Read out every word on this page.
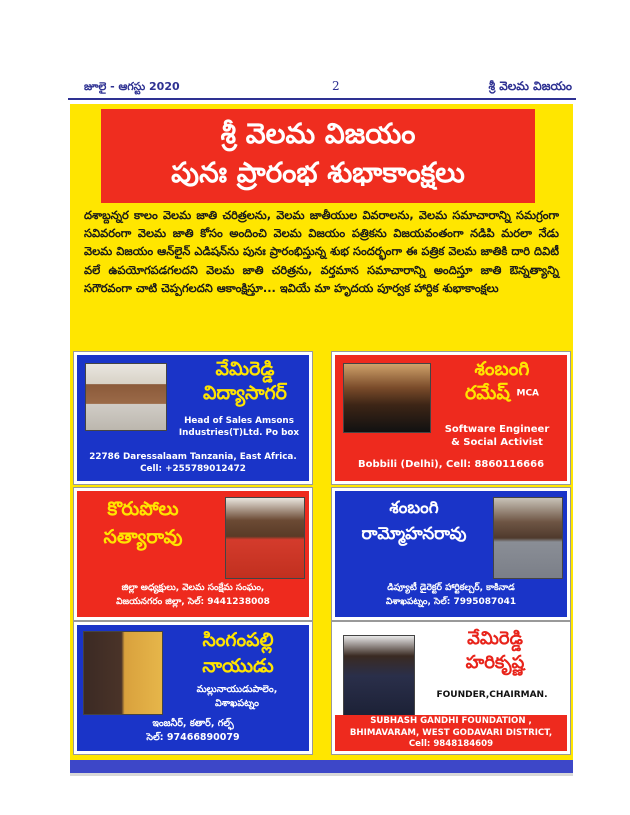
జూలై - ఆగస్టు 2020	2	శ్రీ వెలమ విజయం
శ్రీ వెలమ విజయం
పునః ప్రారంభ శుభాకాంక్షలు
దశాబ్దన్నర కాలం వెలమ జాతి చరిత్రలను, వెలమ జాతీయుల వివరాలను, వెలమ సమాచారాన్ని సమగ్రంగా సవివరంగా వెలమ జాతి కోసం అందించి వెలమ విజయం పత్రికను విజయవంతంగా నడిపి మరలా నేడు వెలమ విజయం ఆన్‌లైన్ ఎడిషన్‌ను పునః ప్రారంభిస్తున్న శుభ సందర్భంగా ఈ పత్రిక వెలమ జాతికి దారి దివిటీ వలే ఉపయోగపడగలదని వెలమ జాతి చరిత్రను, వర్తమాన సమాచారాన్ని అందిస్తూ జాతి ఔన్నత్యాన్ని సగౌరవంగా చాటి చెప్పగలదని ఆకాంక్షిస్తూ... ఇవియే మా హృదయ పూర్వక హార్దిక శుభాకాంక్షలు
వేమిరెడ్డి
విద్యాసాగర్
Head of Sales Amsons
Industries(T)Ltd. Po box
22786 Daressalaam Tanzania, East Africa.
Cell: +255789012472
శంబంగి
రమేష్ MCA
Software Engineer
& Social Activist
Bobbili (Delhi), Cell: 8860116666
కొరుపోలు
సత్యారావు
జిల్లా అధ్యక్షులు, వెలమ సంక్షేమ సంఘం,
విజయనగరం జిల్లా, సెల్: 9441238008
శంబంగి
రామ్మోహనరావు
డిప్యూటీ డైరెక్టర్ హార్టికల్చర్, కాకినాడ
విశాఖపట్నం, సెల్: 7995087041
సింగంపల్లి
నాయుడు
మల్లునాయుడుపాలెం,
విశాఖపట్నం
ఇంజనీర్, కతార్, గల్ఫ్
సెల్: 9746689007​9
వేమిరెడ్డి
హరికృష్ణ
FOUNDER,CHAIRMAN.
SUBHASH GANDHI FOUNDATION ,
BHIMAVARAM, WEST GODAVARI DISTRICT,
Cell: 9848184609
